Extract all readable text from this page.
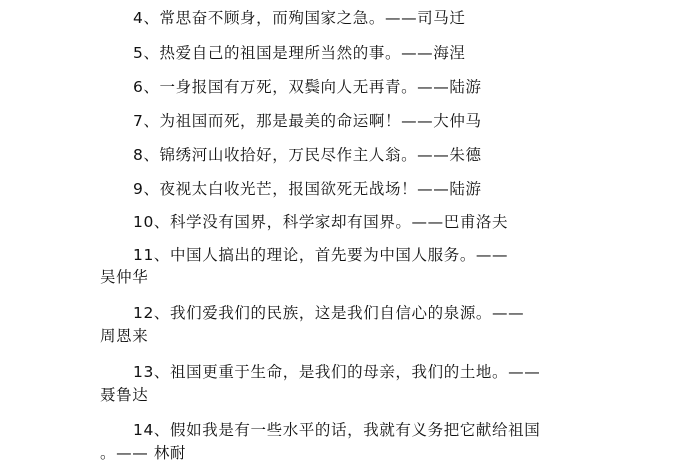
4、常思奋不顾身，而殉国家之急。——司马迁
5、热爱自己的祖国是理所当然的事。——海涅
6、一身报国有万死，双鬓向人无再青。——陆游
7、为祖国而死，那是最美的命运啊！——大仲马
8、锦绣河山收拾好，万民尽作主人翁。——朱德
9、夜视太白收光芒，报国欲死无战场！——陆游
10、科学没有国界，科学家却有国界。——巴甫洛夫
11、中国人搞出的理论，首先要为中国人服务。——
吴仲华
12、我们爱我们的民族，这是我们自信心的泉源。——
周恩来
13、祖国更重于生命，是我们的母亲，我们的土地。——
聂鲁达
14、假如我是有一些水平的话，我就有义务把它献给祖国
。—— 林耐
